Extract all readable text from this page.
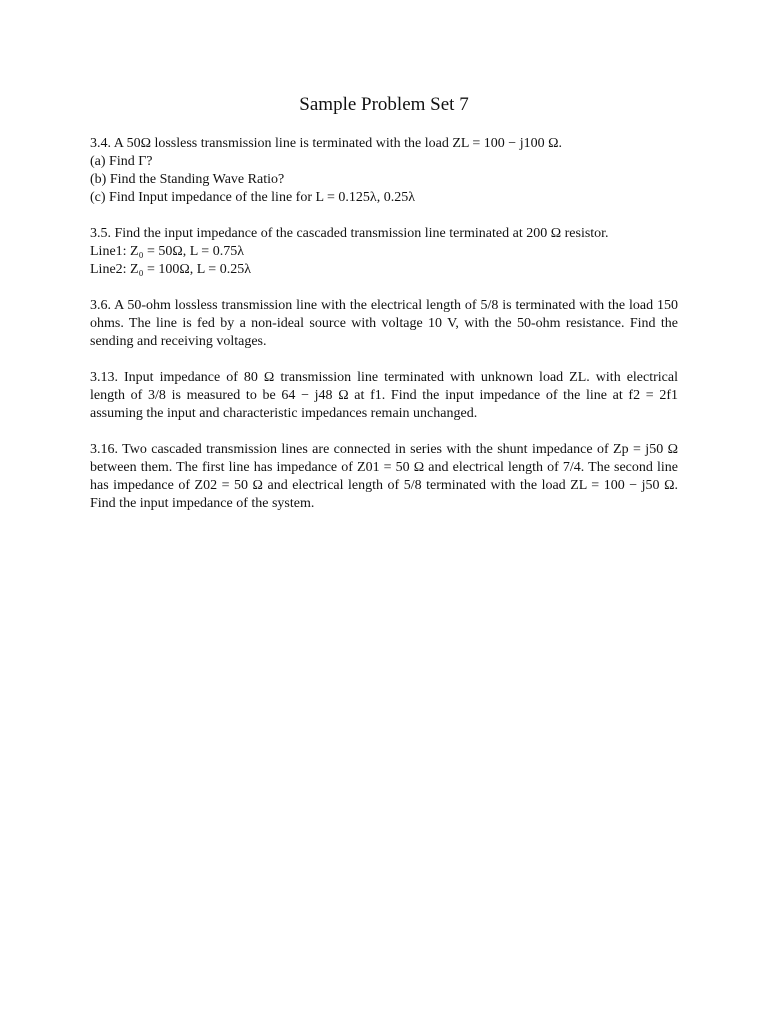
Sample Problem Set 7
3.4. A 50Ω lossless transmission line is terminated with the load ZL = 100 − j100 Ω.
(a) Find Γ?
(b) Find the Standing Wave Ratio?
(c) Find Input impedance of the line for L = 0.125λ, 0.25λ
3.5. Find the input impedance of the cascaded transmission line terminated at 200 Ω resistor.
Line1: Z₀ = 50Ω, L = 0.75λ
Line2: Z₀ = 100Ω, L = 0.25λ
3.6. A 50-ohm lossless transmission line with the electrical length of 5/8 is terminated with the load 150 ohms. The line is fed by a non-ideal source with voltage 10 V, with the 50-ohm resistance. Find the sending and receiving voltages.
3.13. Input impedance of 80 Ω transmission line terminated with unknown load ZL. with electrical length of 3/8 is measured to be 64 − j48 Ω at f1. Find the input impedance of the line at f2 = 2f1 assuming the input and characteristic impedances remain unchanged.
3.16. Two cascaded transmission lines are connected in series with the shunt impedance of Zp = j50 Ω between them. The first line has impedance of Z01 = 50 Ω and electrical length of 7/4. The second line has impedance of Z02 = 50 Ω and electrical length of 5/8 terminated with the load ZL = 100 − j50 Ω. Find the input impedance of the system.
